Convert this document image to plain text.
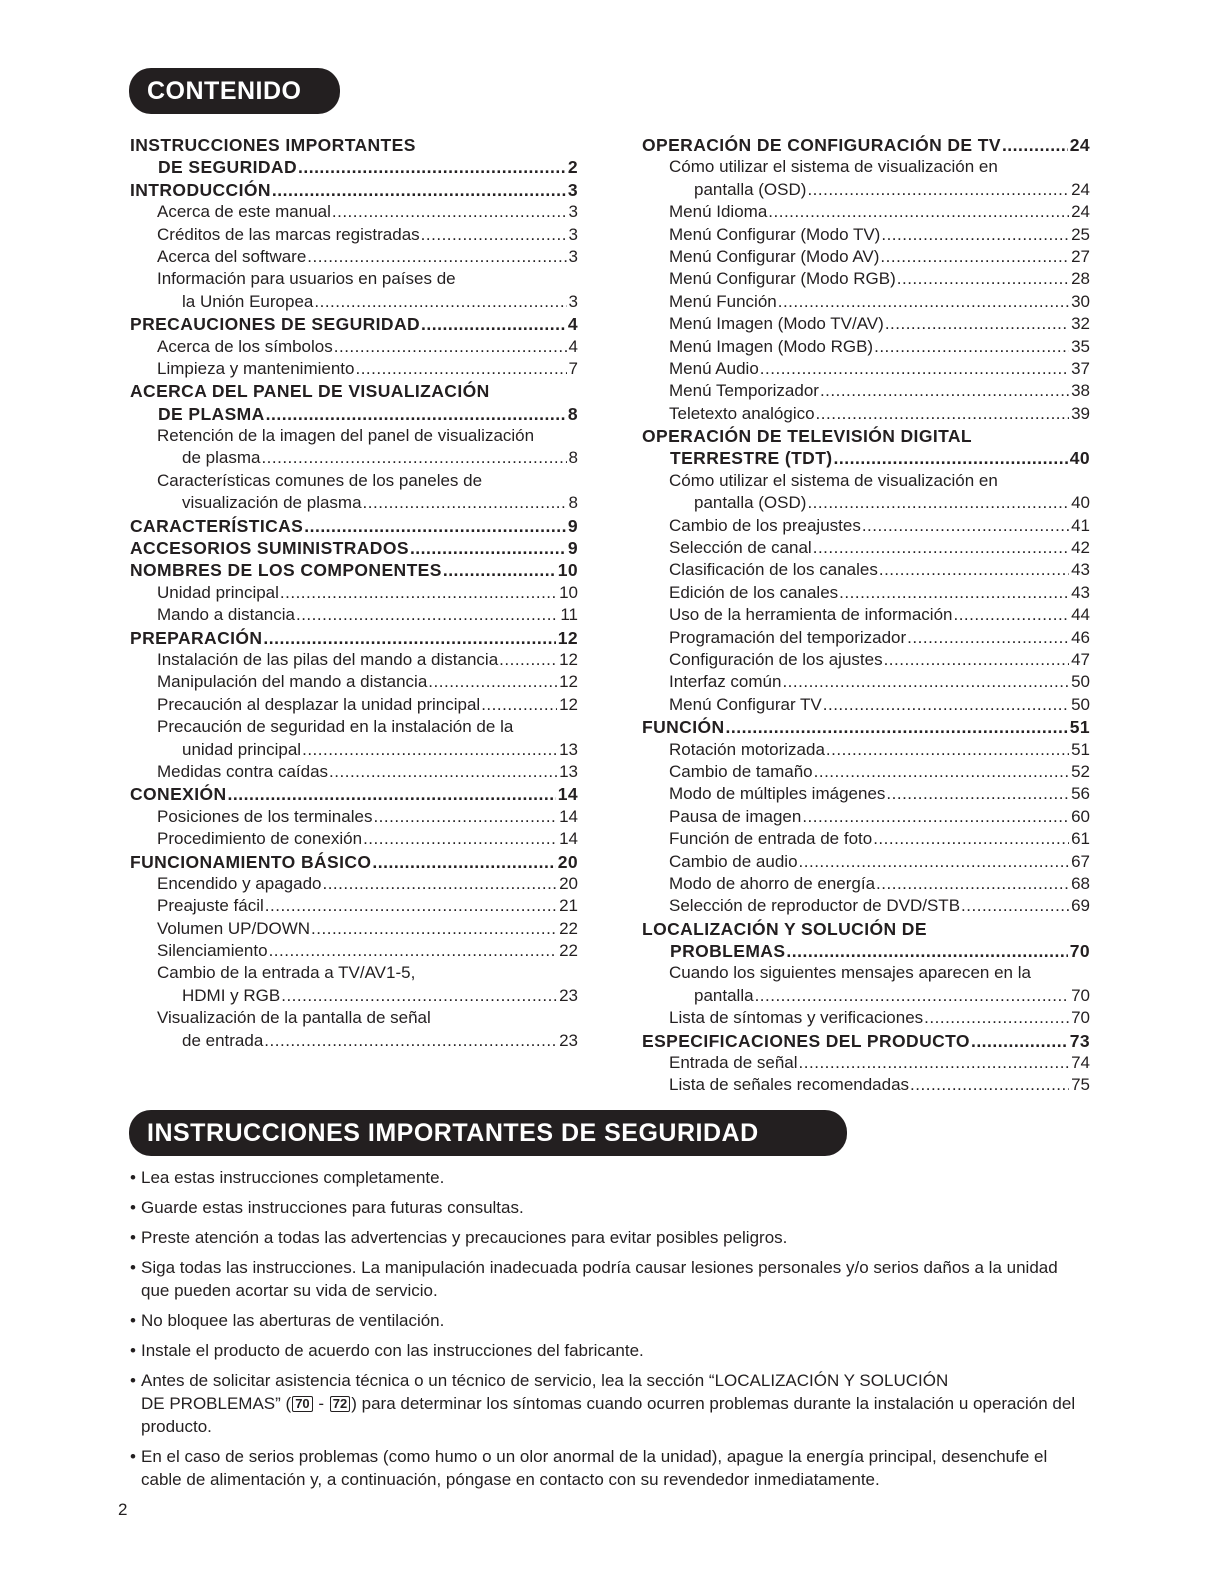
CONTENIDO
INSTRUCCIONES IMPORTANTES
DE SEGURIDAD .....	2
INTRODUCCIÓN .....	3
Acerca de este manual .....	3
Créditos de las marcas registradas .....	3
Acerca del software .....	3
Información para usuarios en países de
la Unión Europea .....	3
PRECAUCIONES DE SEGURIDAD .....	4
Acerca de los símbolos .....	4
Limpieza y mantenimiento .....	7
ACERCA DEL PANEL DE VISUALIZACIÓN
DE PLASMA .....	8
Retención de la imagen del panel de visualización
de plasma .....	8
Características comunes de los paneles de
visualización de plasma .....	8
CARACTERÍSTICAS .....	9
ACCESORIOS SUMINISTRADOS .....	9
NOMBRES DE LOS COMPONENTES .....	10
Unidad principal .....	10
Mando a distancia .....	11
PREPARACIÓN .....	12
Instalación de las pilas del mando a distancia .....	12
Manipulación del mando a distancia .....	12
Precaución al desplazar la unidad principal .....	12
Precaución de seguridad en la instalación de la
unidad principal .....	13
Medidas contra caídas .....	13
CONEXIÓN .....	14
Posiciones de los terminales .....	14
Procedimiento de conexión .....	14
FUNCIONAMIENTO BÁSICO .....	20
Encendido y apagado .....	20
Preajuste fácil .....	21
Volumen UP/DOWN .....	22
Silenciamiento .....	22
Cambio de la entrada a TV/AV1-5,
HDMI y RGB .....	23
Visualización de la pantalla de señal
de entrada .....	23
OPERACIÓN DE CONFIGURACIÓN DE TV .....	24
Cómo utilizar el sistema de visualización en
pantalla (OSD) .....	24
Menú Idioma .....	24
Menú Configurar (Modo TV) .....	25
Menú Configurar (Modo AV) .....	27
Menú Configurar (Modo RGB) .....	28
Menú Función .....	30
Menú Imagen (Modo TV/AV) .....	32
Menú Imagen (Modo RGB) .....	35
Menú Audio .....	37
Menú Temporizador .....	38
Teletexto analógico .....	39
OPERACIÓN DE TELEVISIÓN DIGITAL
TERRESTRE (TDT) .....	40
Cómo utilizar el sistema de visualización en
pantalla (OSD) .....	40
Cambio de los preajustes .....	41
Selección de canal .....	42
Clasificación de los canales .....	43
Edición de los canales .....	43
Uso de la herramienta de información .....	44
Programación del temporizador .....	46
Configuración de los ajustes .....	47
Interfaz común .....	50
Menú Configurar TV .....	50
FUNCIÓN .....	51
Rotación motorizada .....	51
Cambio de tamaño .....	52
Modo de múltiples imágenes .....	56
Pausa de imagen .....	60
Función de entrada de foto .....	61
Cambio de audio .....	67
Modo de ahorro de energía .....	68
Selección de reproductor de DVD/STB .....	69
LOCALIZACIÓN Y SOLUCIÓN DE
PROBLEMAS .....	70
Cuando los siguientes mensajes aparecen en la
pantalla .....	70
Lista de síntomas y verificaciones .....	70
ESPECIFICACIONES DEL PRODUCTO .....	73
Entrada de señal .....	74
Lista de señales recomendadas .....	75
INSTRUCCIONES IMPORTANTES DE SEGURIDAD
• Lea estas instrucciones completamente.
• Guarde estas instrucciones para futuras consultas.
• Preste atención a todas las advertencias y precauciones para evitar posibles peligros.
• Siga todas las instrucciones. La manipulación inadecuada podría causar lesiones personales y/o serios daños a la unidad que pueden acortar su vida de servicio.
• No bloquee las aberturas de ventilación.
• Instale el producto de acuerdo con las instrucciones del fabricante.
• Antes de solicitar asistencia técnica o un técnico de servicio, lea la sección “LOCALIZACIÓN Y SOLUCIÓN
DE PROBLEMAS” ( 70 - 72 ) para determinar los síntomas cuando ocurren problemas durante la instalación u operación del producto.
• En el caso de serios problemas (como humo o un olor anormal de la unidad), apague la energía principal, desenchufe el cable de alimentación y, a continuación, póngase en contacto con su revendedor inmediatamente.
2
